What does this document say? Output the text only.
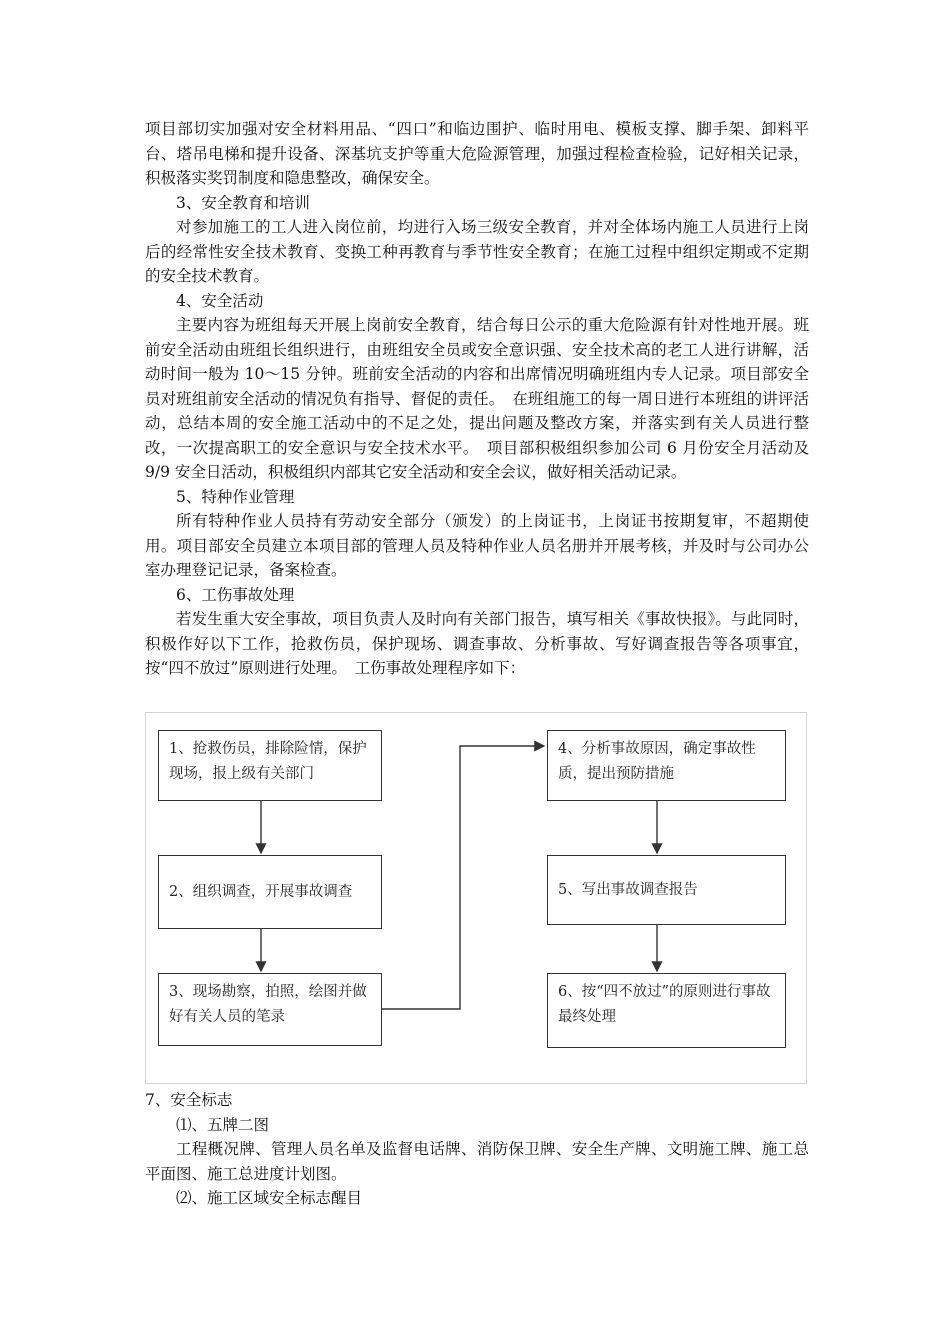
项目部切实加强对安全材料用品、“四口”和临边围护、临时用电、模板支撑、脚手架、卸料平台、塔吊电梯和提升设备、深基坑支护等重大危险源管理，加强过程检查检验，记好相关记录，积极落实奖罚制度和隐患整改，确保安全。

3、安全教育和培训

对参加施工的工人进入岗位前，均进行入场三级安全教育，并对全体场内施工人员进行上岗后的经常性安全技术教育、变换工种再教育与季节性安全教育；在施工过程中组织定期或不定期的安全技术教育。

4、安全活动

主要内容为班组每天开展上岗前安全教育，结合每日公示的重大危险源有针对性地开展。班前安全活动由班组长组织进行，由班组安全员或安全意识强、安全技术高的老工人进行讲解，活动时间一般为 10～15 分钟。班前安全活动的内容和出席情况明确班组内专人记录。项目部安全员对班组前安全活动的情况负有指导、督促的责任。　在班组施工的每一周日进行本班组的讲评活动，总结本周的安全施工活动中的不足之处，提出问题及整改方案，并落实到有关人员进行整改，一次提高职工的安全意识与安全技术水平。　项目部积极组织参加公司 6 月份安全月活动及 9/9 安全日活动，积极组织内部其它安全活动和安全会议，做好相关活动记录。

5、特种作业管理

所有特种作业人员持有劳动安全部分（颁发）的上岗证书，上岗证书按期复审，不超期使用。项目部安全员建立本项目部的管理人员及特种作业人员名册并开展考核，并及时与公司办公室办理登记记录，备案检查。

6、工伤事故处理

若发生重大安全事故，项目负责人及时向有关部门报告，填写相关《事故快报》。与此同时，积极作好以下工作，抢救伤员，保护现场、调查事故、分析事故、写好调查报告等各项事宜，按“四不放过”原则进行处理。　工伤事故处理程序如下：

1、抢救伤员，排除险情，保护现场，报上级有关部门
2、组织调查，开展事故调查
3、现场勘察，拍照，绘图并做好有关人员的笔录
4、分析事故原因，确定事故性质，提出预防措施
5、写出事故调查报告
6、按“四不放过”的原则进行事故最终处理

7、安全标志

⑴、五牌二图

工程概况牌、管理人员名单及监督电话牌、消防保卫牌、安全生产牌、文明施工牌、施工总平面图、施工总进度计划图。

⑵、施工区域安全标志醒目
